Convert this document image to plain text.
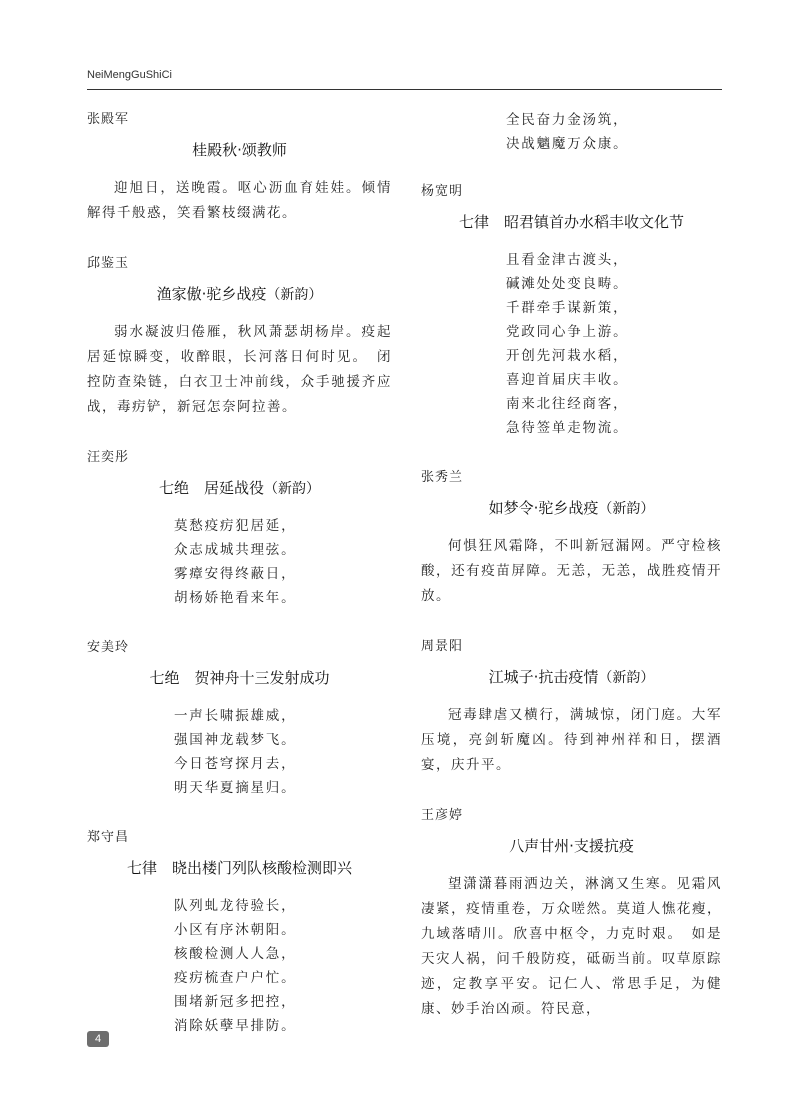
NeiMengGuShiCi

张殿军

桂殿秋·颂教师

迎旭日，送晚霞。呕心沥血育娃娃。倾情解得千般惑，笑看繁枝缀满花。

邱鉴玉

渔家傲·驼乡战疫（新韵）

弱水凝波归倦雁，秋风萧瑟胡杨岸。疫起居延惊瞬变，收醉眼，长河落日何时见。　闭控防查染链，白衣卫士冲前线，众手驰援齐应战，毒疠铲，新冠怎奈阿拉善。

汪奕彤

七绝　居延战役（新韵）

莫愁疫疠犯居延，
众志成城共理弦。
雾瘴安得终蔽日，
胡杨娇艳看来年。

安美玲

七绝　贺神舟十三发射成功

一声长啸振雄威，
强国神龙载梦飞。
今日苍穹探月去，
明天华夏摘星归。

郑守昌

七律　晓出楼门列队核酸检测即兴

队列虬龙待验长，
小区有序沐朝阳。
核酸检测人人急，
疫疠梳查户户忙。
围堵新冠多把控，
消除妖孽早排防。
全民奋力金汤筑，
决战魑魔万众康。

杨宽明

七律　昭君镇首办水稻丰收文化节

且看金津古渡头，
碱滩处处变良畴。
千群牵手谋新策，
党政同心争上游。
开创先河栽水稻，
喜迎首届庆丰收。
南来北往经商客，
急待签单走物流。

张秀兰

如梦令·驼乡战疫（新韵）

何惧狂风霜降，不叫新冠漏网。严守检核酸，还有疫苗屏障。无恙，无恙，战胜疫情开放。

周景阳

江城子·抗击疫情（新韵）

冠毒肆虐又横行，满城惊，闭门庭。大军压境，亮剑斩魔凶。待到神州祥和日，摆酒宴，庆升平。

王彦婷

八声甘州·支援抗疫

望潇潇暮雨洒边关，淋漓又生寒。见霜风凄紧，疫情重卷，万众嗟然。莫道人憔花瘦，九域落晴川。欣喜中枢令，力克时艰。　如是天灾人祸，问千般防疫，砥砺当前。叹草原踪迹，定教享平安。记仁人、常思手足，为健康、妙手治凶顽。符民意，

4
